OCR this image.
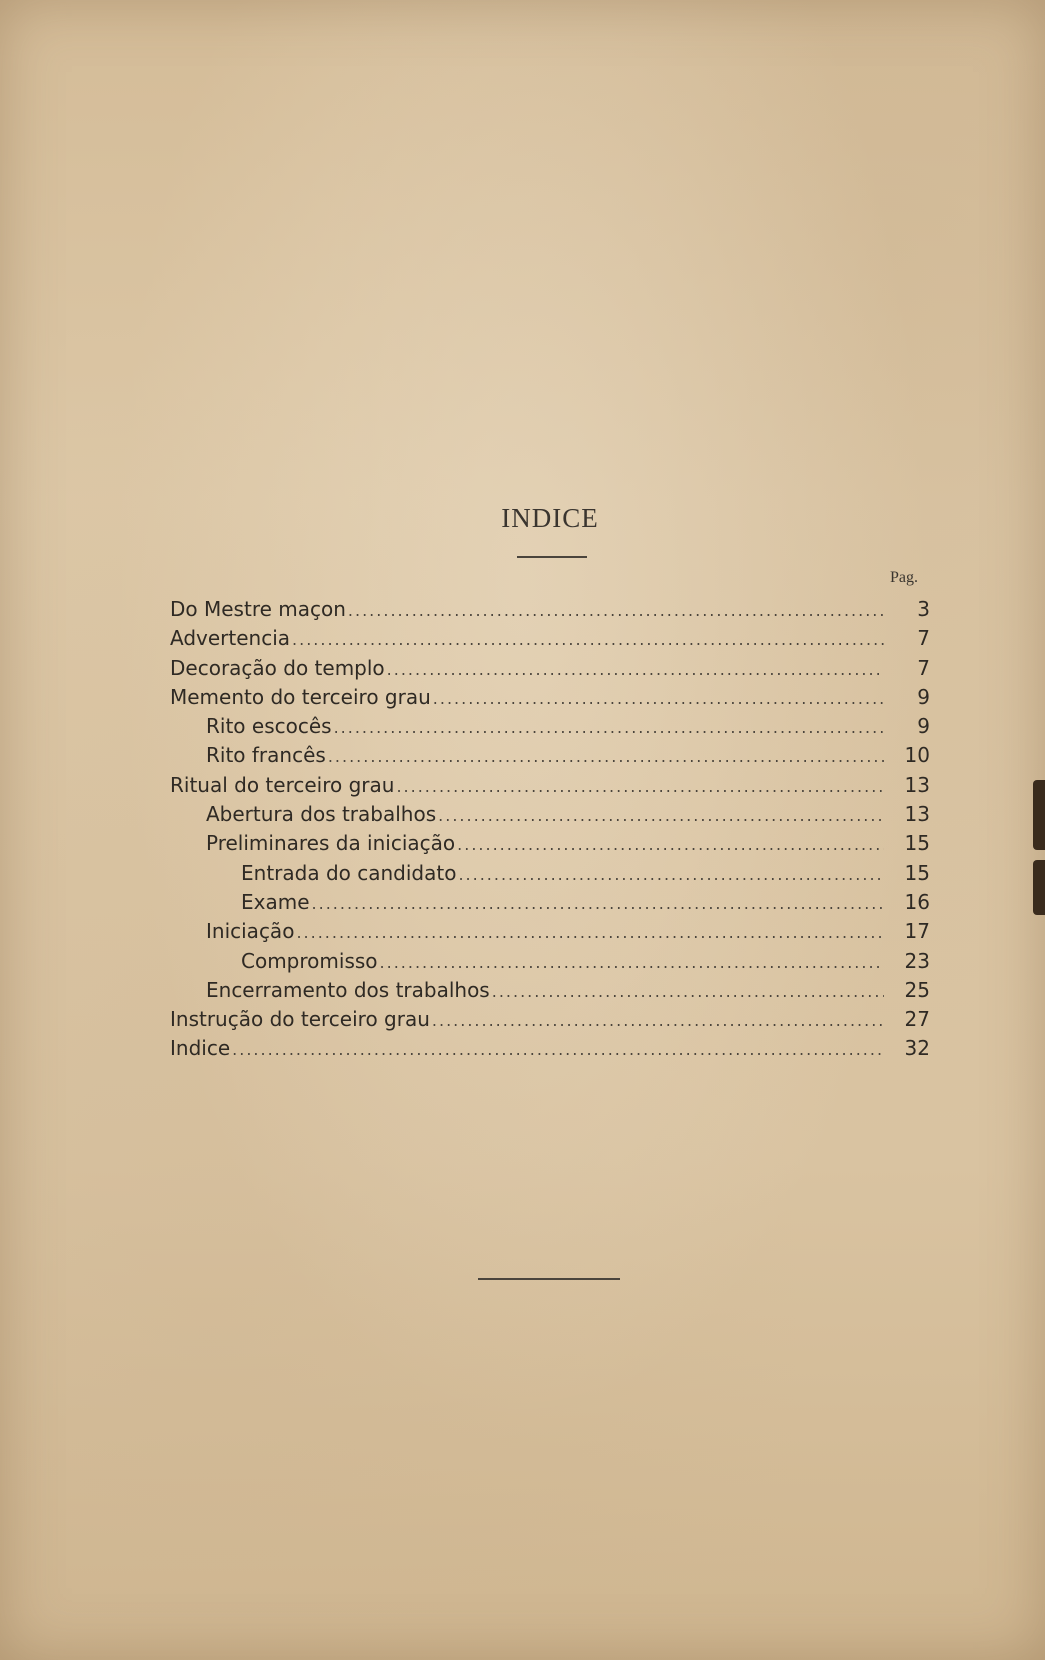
INDICE
Pag.
Do Mestre maçon .....	3
Advertencia .....	7
Decoração do templo .....	7
Memento do terceiro grau .....	9
Rito escocês .....	9
Rito francês .....	10
Ritual do terceiro grau .....	13
Abertura dos trabalhos .....	13
Preliminares da iniciação .....	15
Entrada do candidato .....	15
Exame .....	16
Iniciação .....	17
Compromisso .....	23
Encerramento dos trabalhos .....	25
Instrução do terceiro grau .....	27
Indice .....	32
